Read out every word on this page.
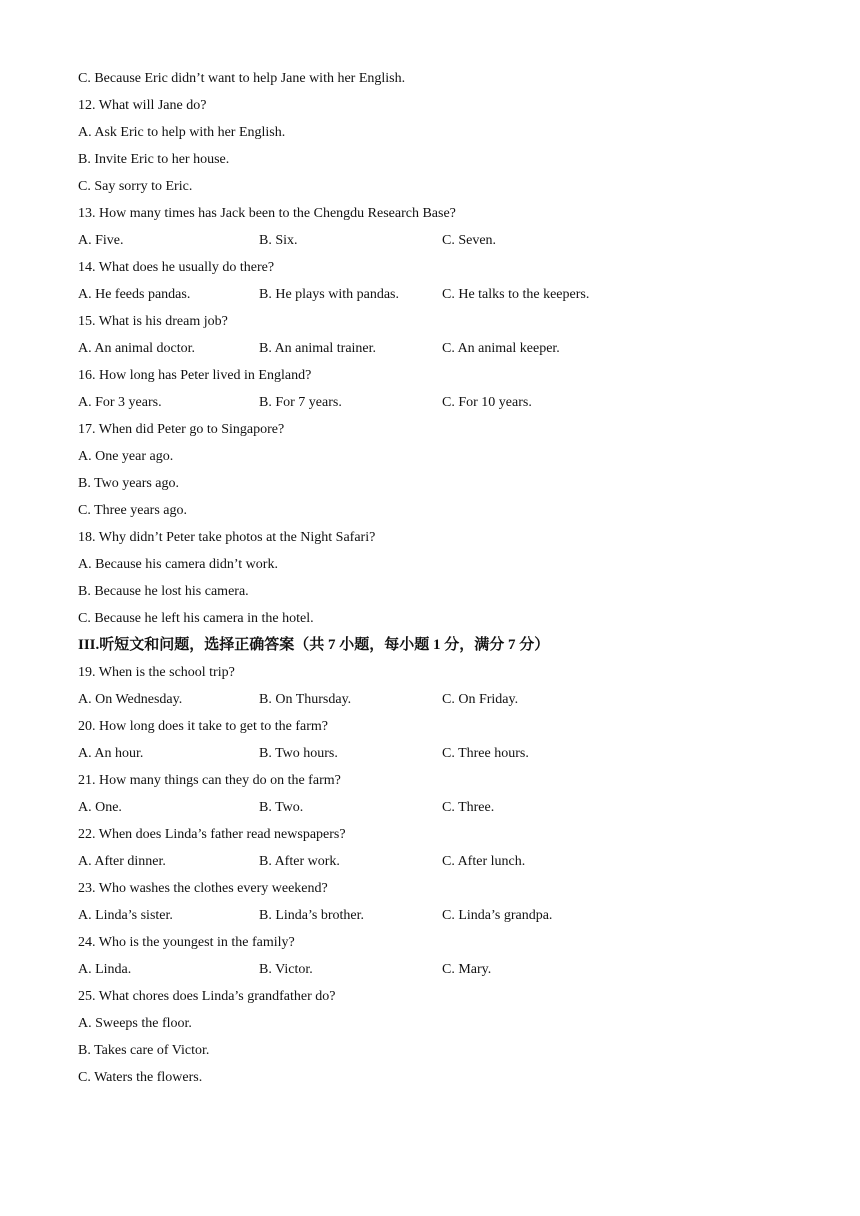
C. Because Eric didn’t want to help Jane with her English.
12. What will Jane do?
A. Ask Eric to help with her English.
B. Invite Eric to her house.
C. Say sorry to Eric.
13. How many times has Jack been to the Chengdu Research Base?
A. Five.	B. Six.	C. Seven.
14. What does he usually do there?
A. He feeds pandas.	B. He plays with pandas.	C. He talks to the keepers.
15. What is his dream job?
A. An animal doctor.	B. An animal trainer.	C. An animal keeper.
16. How long has Peter lived in England?
A. For 3 years.	B. For 7 years.	C. For 10 years.
17. When did Peter go to Singapore?
A. One year ago.
B. Two years ago.
C. Three years ago.
18. Why didn’t Peter take photos at the Night Safari?
A. Because his camera didn’t work.
B. Because he lost his camera.
C. Because he left his camera in the hotel.
III.听短文和问题，选择正确答案（共 7 小题，每小题 1 分，满分 7 分）
19. When is the school trip?
A. On Wednesday.	B. On Thursday.	C. On Friday.
20. How long does it take to get to the farm?
A. An hour.	B. Two hours.	C. Three hours.
21. How many things can they do on the farm?
A. One.	B. Two.	C. Three.
22. When does Linda’s father read newspapers?
A. After dinner.	B. After work.	C. After lunch.
23. Who washes the clothes every weekend?
A. Linda’s sister.	B. Linda’s brother.	C. Linda’s grandpa.
24. Who is the youngest in the family?
A. Linda.	B. Victor.	C. Mary.
25. What chores does Linda’s grandfather do?
A. Sweeps the floor.
B. Takes care of Victor.
C. Waters the flowers.
